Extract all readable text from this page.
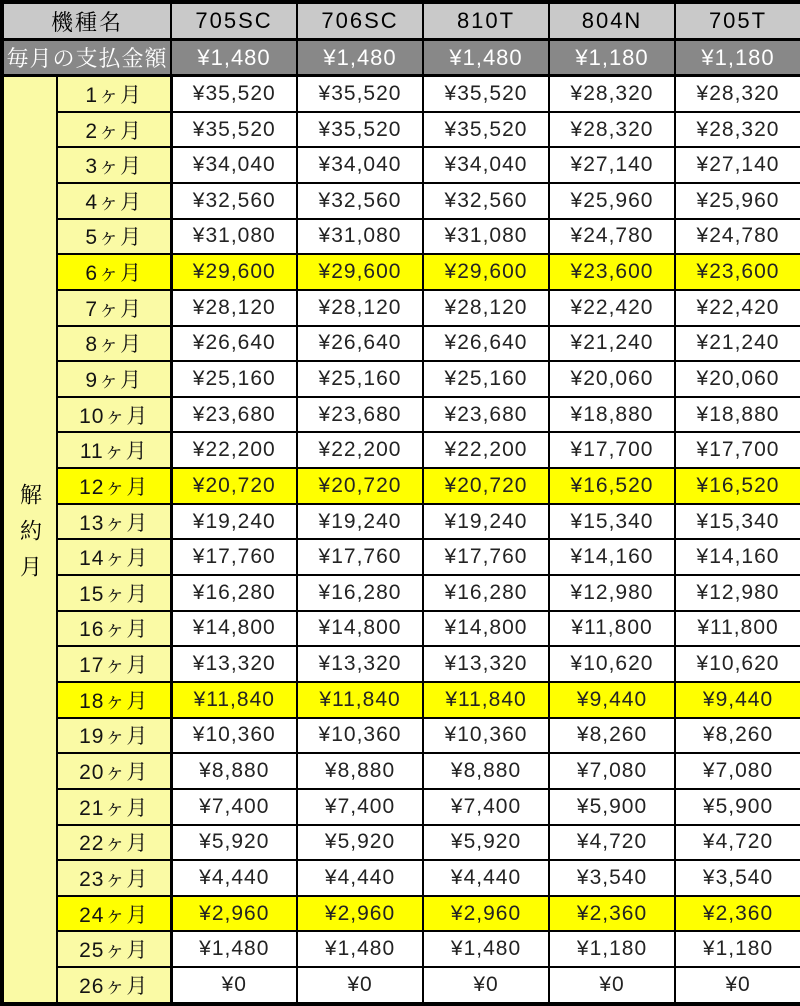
機種名		705SC	706SC	810T	804N	705T
毎月の支払金額		¥1,480	¥1,480	¥1,480	¥1,180	¥1,180
解約月	1ヶ月	¥35,520	¥35,520	¥35,520	¥28,320	¥28,320
	2ヶ月	¥35,520	¥35,520	¥35,520	¥28,320	¥28,320
	3ヶ月	¥34,040	¥34,040	¥34,040	¥27,140	¥27,140
	4ヶ月	¥32,560	¥32,560	¥32,560	¥25,960	¥25,960
	5ヶ月	¥31,080	¥31,080	¥31,080	¥24,780	¥24,780
	6ヶ月	¥29,600	¥29,600	¥29,600	¥23,600	¥23,600
	7ヶ月	¥28,120	¥28,120	¥28,120	¥22,420	¥22,420
	8ヶ月	¥26,640	¥26,640	¥26,640	¥21,240	¥21,240
	9ヶ月	¥25,160	¥25,160	¥25,160	¥20,060	¥20,060
	10ヶ月	¥23,680	¥23,680	¥23,680	¥18,880	¥18,880
	11ヶ月	¥22,200	¥22,200	¥22,200	¥17,700	¥17,700
	12ヶ月	¥20,720	¥20,720	¥20,720	¥16,520	¥16,520
	13ヶ月	¥19,240	¥19,240	¥19,240	¥15,340	¥15,340
	14ヶ月	¥17,760	¥17,760	¥17,760	¥14,160	¥14,160
	15ヶ月	¥16,280	¥16,280	¥16,280	¥12,980	¥12,980
	16ヶ月	¥14,800	¥14,800	¥14,800	¥11,800	¥11,800
	17ヶ月	¥13,320	¥13,320	¥13,320	¥10,620	¥10,620
	18ヶ月	¥11,840	¥11,840	¥11,840	¥9,440	¥9,440
	19ヶ月	¥10,360	¥10,360	¥10,360	¥8,260	¥8,260
	20ヶ月	¥8,880	¥8,880	¥8,880	¥7,080	¥7,080
	21ヶ月	¥7,400	¥7,400	¥7,400	¥5,900	¥5,900
	22ヶ月	¥5,920	¥5,920	¥5,920	¥4,720	¥4,720
	23ヶ月	¥4,440	¥4,440	¥4,440	¥3,540	¥3,540
	24ヶ月	¥2,960	¥2,960	¥2,960	¥2,360	¥2,360
	25ヶ月	¥1,480	¥1,480	¥1,480	¥1,180	¥1,180
	26ヶ月	¥0	¥0	¥0	¥0	¥0
